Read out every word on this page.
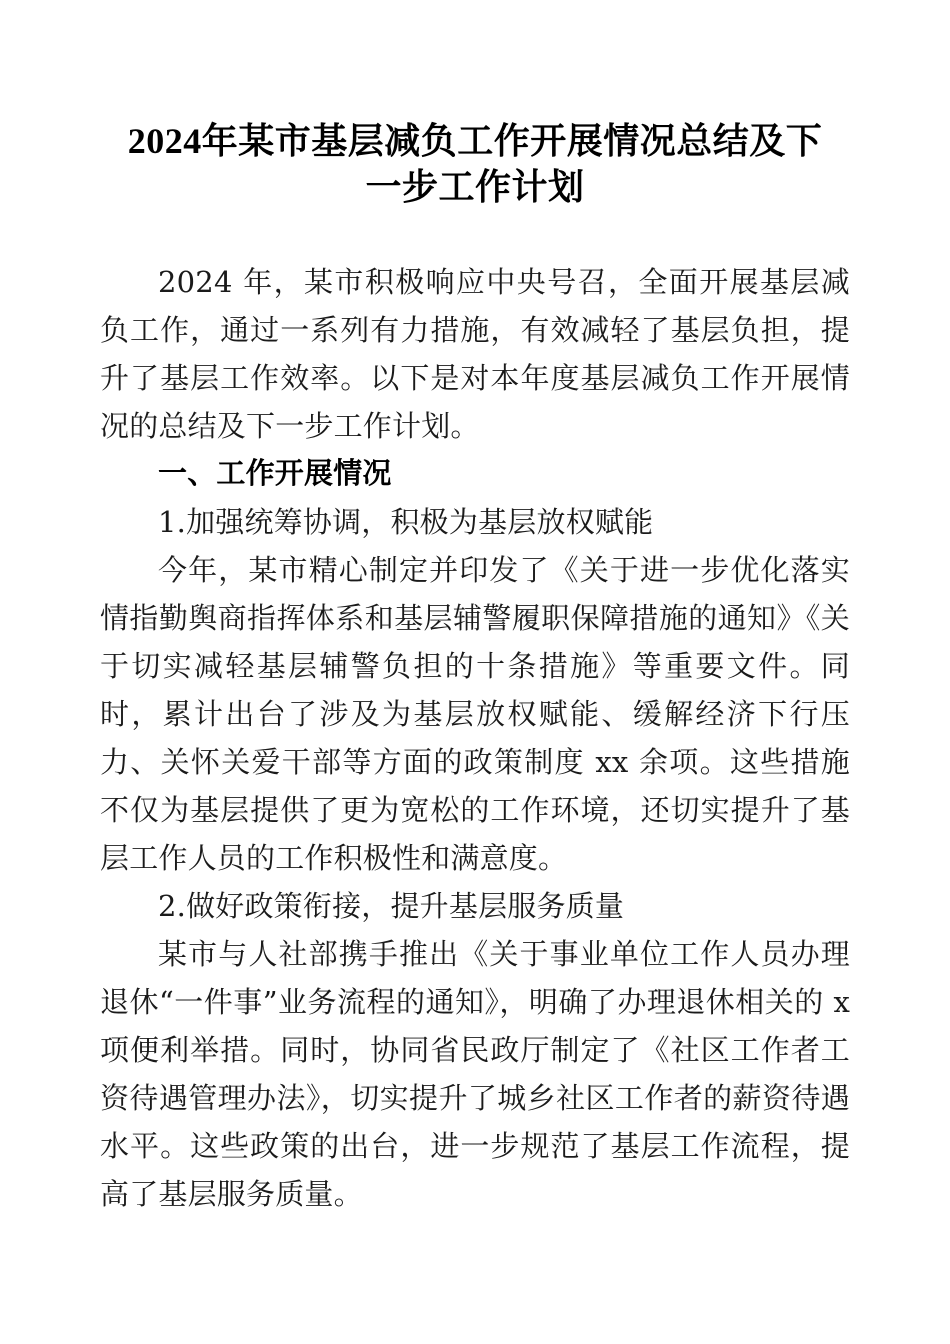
2024年某市基层减负工作开展情况总结及下
一步工作计划

2024 年，某市积极响应中央号召，全面开展基层减负工作，通过一系列有力措施，有效减轻了基层负担，提升了基层工作效率。以下是对本年度基层减负工作开展情况的总结及下一步工作计划。

一、工作开展情况

1.加强统筹协调，积极为基层放权赋能

今年，某市精心制定并印发了《关于进一步优化落实情指勤舆商指挥体系和基层辅警履职保障措施的通知》《关于切实减轻基层辅警负担的十条措施》等重要文件。同时，累计出台了涉及为基层放权赋能、缓解经济下行压力、关怀关爱干部等方面的政策制度 xx 余项。这些措施不仅为基层提供了更为宽松的工作环境，还切实提升了基层工作人员的工作积极性和满意度。

2.做好政策衔接，提升基层服务质量

某市与人社部携手推出《关于事业单位工作人员办理退休“一件事”业务流程的通知》，明确了办理退休相关的 x 项便利举措。同时，协同省民政厅制定了《社区工作者工资待遇管理办法》，切实提升了城乡社区工作者的薪资待遇水平。这些政策的出台，进一步规范了基层工作流程，提高了基层服务质量。
